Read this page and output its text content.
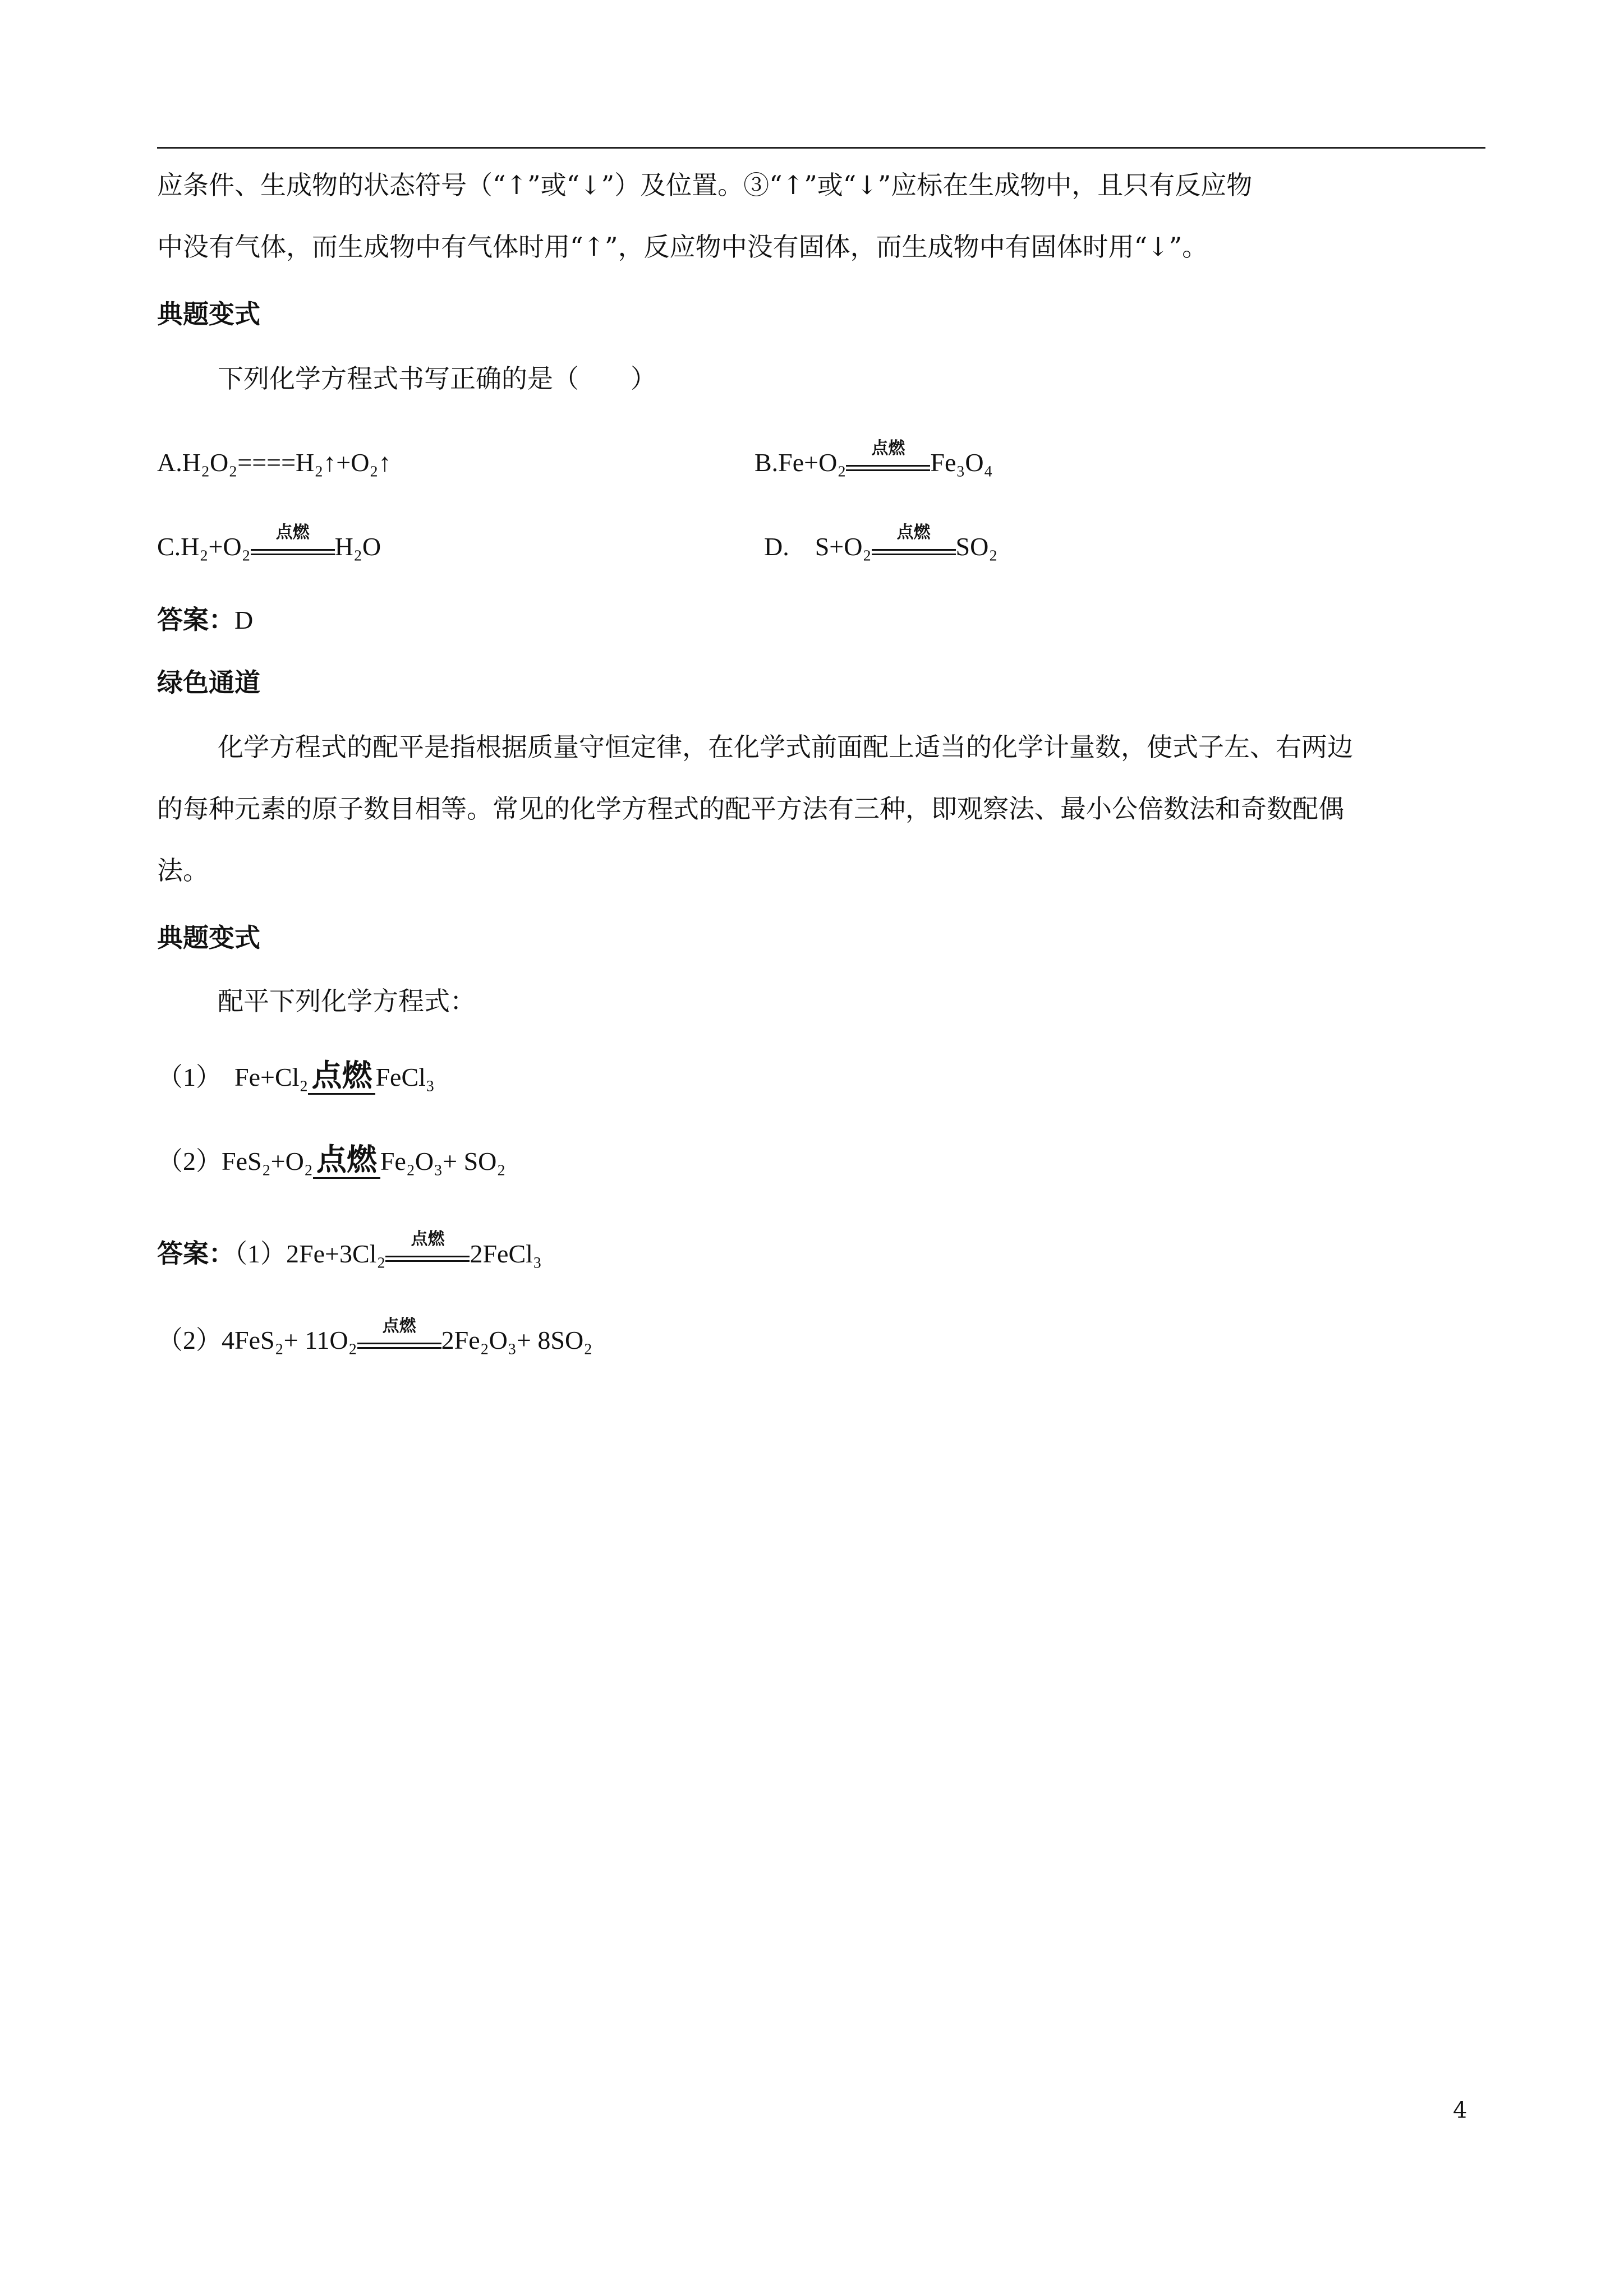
应条件、生成物的状态符号（“↑”或“↓”）及位置。③“↑”或“↓”应标在生成物中，且只有反应物
中没有气体，而生成物中有气体时用“↑”，反应物中没有固体，而生成物中有固体时用“↓”。
典题变式
下列化学方程式书写正确的是（　　）
A.H₂O₂====H₂↑+O₂↑	B.Fe+O₂	点燃 Fe₃O₄
C.H₂+O₂	点燃 H₂O	D.　S+O₂	点燃 SO₂
答案：D
绿色通道
化学方程式的配平是指根据质量守恒定律，在化学式前面配上适当的化学计量数，使式子左、右两边
的每种元素的原子数目相等。常见的化学方程式的配平方法有三种，即观察法、最小公倍数法和奇数配偶
法。
典题变式
配平下列化学方程式：
（1）　Fe+Cl₂ 点燃 FeCl₃
（2）FeS₂+O₂ 点燃 Fe₂O₃+ SO₂
答案：（1）2Fe+3Cl₂
点燃
2FeCl₃
（2）4FeS₂+ 11O₂	点燃 2Fe₂O₃+ 8SO₂
4
